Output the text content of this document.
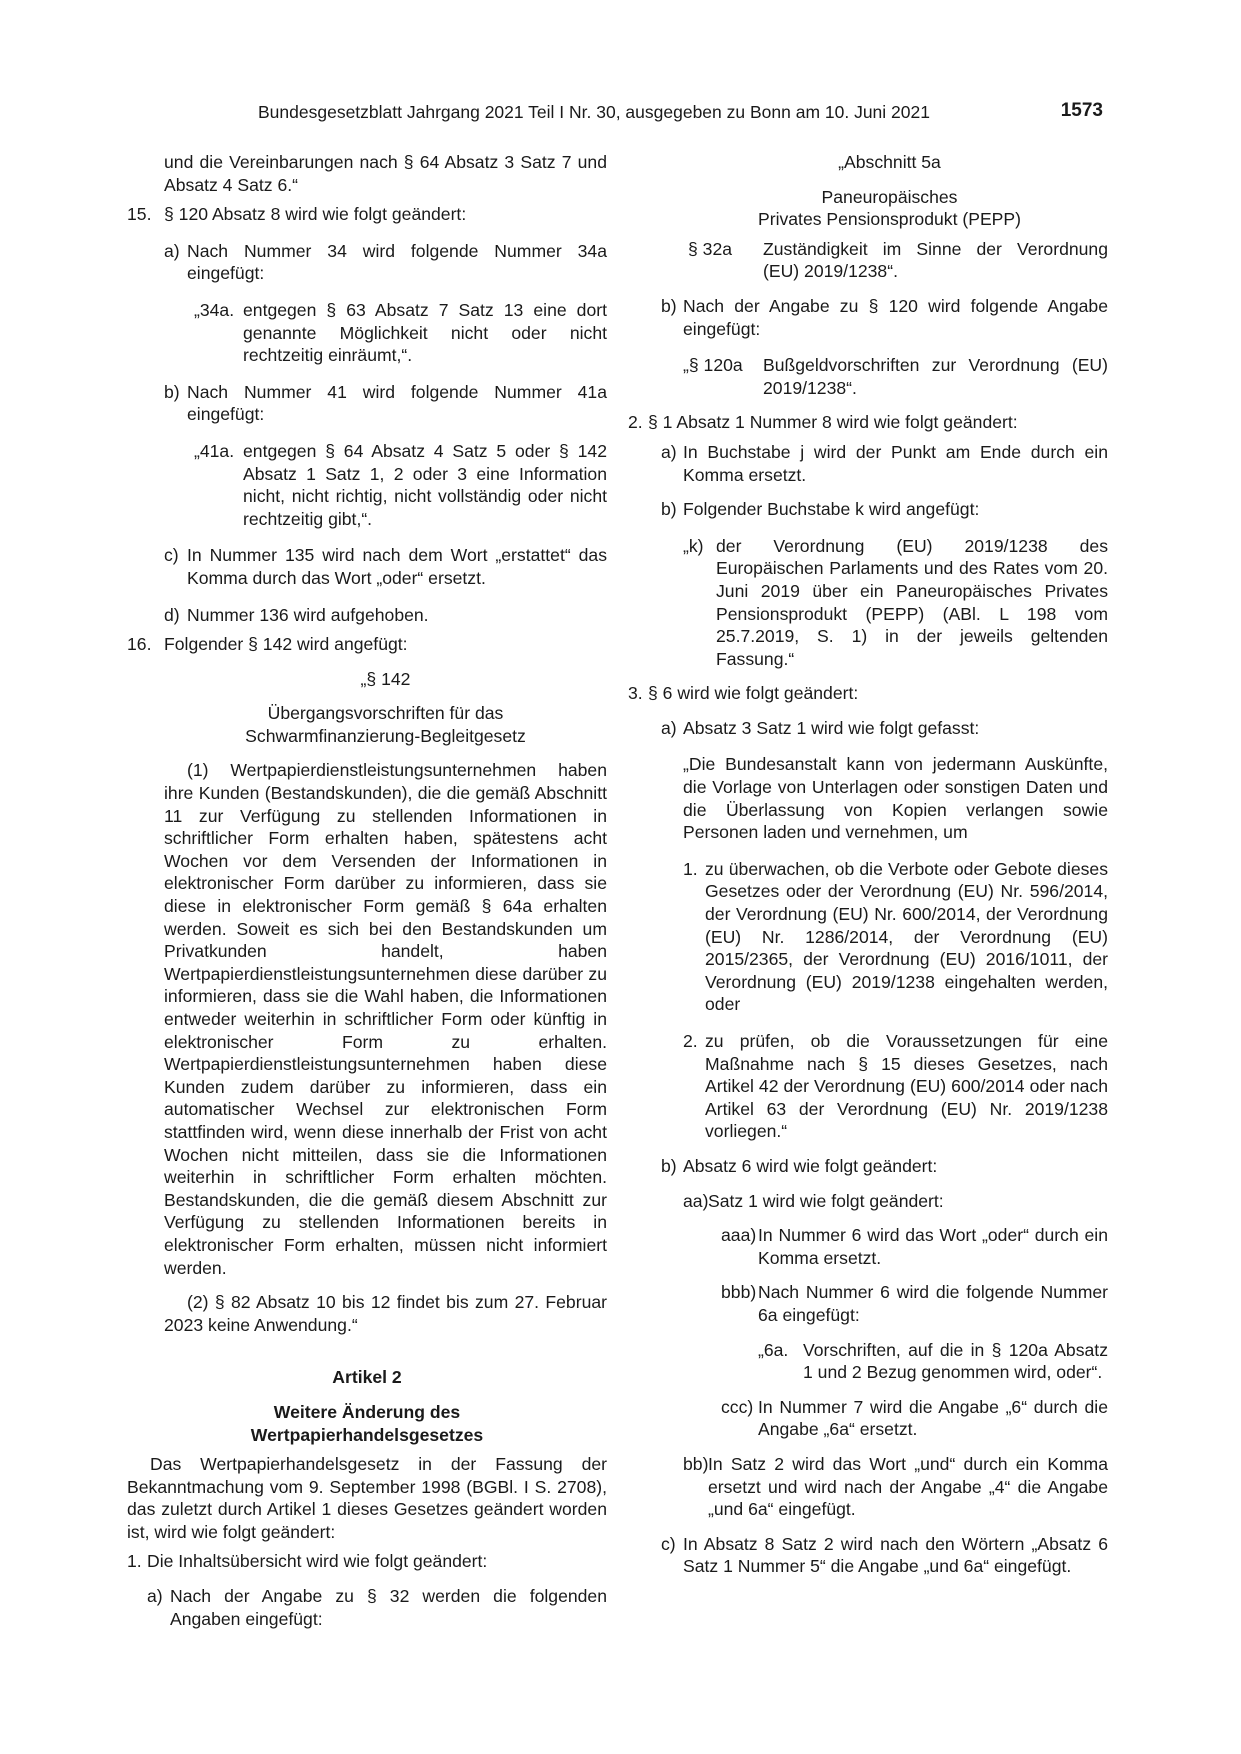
Bundesgesetzblatt Jahrgang 2021 Teil I Nr. 30, ausgegeben zu Bonn am 10. Juni 2021	1573
und die Vereinbarungen nach § 64 Absatz 3 Satz 7 und Absatz 4 Satz 6.“
15. § 120 Absatz 8 wird wie folgt geändert:
a) Nach Nummer 34 wird folgende Nummer 34a eingefügt:
„34a. entgegen § 63 Absatz 7 Satz 13 eine dort genannte Möglichkeit nicht oder nicht rechtzeitig einräumt,“.
b) Nach Nummer 41 wird folgende Nummer 41a eingefügt:
„41a. entgegen § 64 Absatz 4 Satz 5 oder § 142 Absatz 1 Satz 1, 2 oder 3 eine Information nicht, nicht richtig, nicht vollständig oder nicht rechtzeitig gibt,“.
c) In Nummer 135 wird nach dem Wort „erstattet“ das Komma durch das Wort „oder“ ersetzt.
d) Nummer 136 wird aufgehoben.
16. Folgender § 142 wird angefügt:
„§ 142
Übergangsvorschriften für das
Schwarmfinanzierung-Begleitgesetz
(1) Wertpapierdienstleistungsunternehmen haben ihre Kunden (Bestandskunden), die die gemäß Abschnitt 11 zur Verfügung zu stellenden Informationen in schriftlicher Form erhalten haben, spätestens acht Wochen vor dem Versenden der Informationen in elektronischer Form darüber zu informieren, dass sie diese in elektronischer Form gemäß § 64a erhalten werden. Soweit es sich bei den Bestandskunden um Privatkunden handelt, haben Wertpapierdienstleistungsunternehmen diese darüber zu informieren, dass sie die Wahl haben, die Informationen entweder weiterhin in schriftlicher Form oder künftig in elektronischer Form zu erhalten. Wertpapierdienstleistungsunternehmen haben diese Kunden zudem darüber zu informieren, dass ein automatischer Wechsel zur elektronischen Form stattfinden wird, wenn diese innerhalb der Frist von acht Wochen nicht mitteilen, dass sie die Informationen weiterhin in schriftlicher Form erhalten möchten. Bestandskunden, die die gemäß diesem Abschnitt zur Verfügung zu stellenden Informationen bereits in elektronischer Form erhalten, müssen nicht informiert werden.
(2) § 82 Absatz 10 bis 12 findet bis zum 27. Februar 2023 keine Anwendung.“
Artikel 2
Weitere Änderung des
Wertpapierhandelsgesetzes
Das Wertpapierhandelsgesetz in der Fassung der Bekanntmachung vom 9. September 1998 (BGBl. I S. 2708), das zuletzt durch Artikel 1 dieses Gesetzes geändert worden ist, wird wie folgt geändert:
1. Die Inhaltsübersicht wird wie folgt geändert:
a) Nach der Angabe zu § 32 werden die folgenden Angaben eingefügt:
„Abschnitt 5a
Paneuropäisches
Privates Pensionsprodukt (PEPP)
§ 32a Zuständigkeit im Sinne der Verordnung (EU) 2019/1238“.
b) Nach der Angabe zu § 120 wird folgende Angabe eingefügt:
„§ 120a Bußgeldvorschriften zur Verordnung (EU) 2019/1238“.
2. § 1 Absatz 1 Nummer 8 wird wie folgt geändert:
a) In Buchstabe j wird der Punkt am Ende durch ein Komma ersetzt.
b) Folgender Buchstabe k wird angefügt:
„k) der Verordnung (EU) 2019/1238 des Europäischen Parlaments und des Rates vom 20. Juni 2019 über ein Paneuropäisches Privates Pensionsprodukt (PEPP) (ABl. L 198 vom 25.7.2019, S. 1) in der jeweils geltenden Fassung.“
3. § 6 wird wie folgt geändert:
a) Absatz 3 Satz 1 wird wie folgt gefasst:
„Die Bundesanstalt kann von jedermann Auskünfte, die Vorlage von Unterlagen oder sonstigen Daten und die Überlassung von Kopien verlangen sowie Personen laden und vernehmen, um
1. zu überwachen, ob die Verbote oder Gebote dieses Gesetzes oder der Verordnung (EU) Nr. 596/2014, der Verordnung (EU) Nr. 600/2014, der Verordnung (EU) Nr. 1286/2014, der Verordnung (EU) 2015/2365, der Verordnung (EU) 2016/1011, der Verordnung (EU) 2019/1238 eingehalten werden, oder
2. zu prüfen, ob die Voraussetzungen für eine Maßnahme nach § 15 dieses Gesetzes, nach Artikel 42 der Verordnung (EU) 600/2014 oder nach Artikel 63 der Verordnung (EU) Nr. 2019/1238 vorliegen.“
b) Absatz 6 wird wie folgt geändert:
aa) Satz 1 wird wie folgt geändert:
aaa) In Nummer 6 wird das Wort „oder“ durch ein Komma ersetzt.
bbb) Nach Nummer 6 wird die folgende Nummer 6a eingefügt:
„6a. Vorschriften, auf die in § 120a Absatz 1 und 2 Bezug genommen wird, oder“.
ccc) In Nummer 7 wird die Angabe „6“ durch die Angabe „6a“ ersetzt.
bb) In Satz 2 wird das Wort „und“ durch ein Komma ersetzt und wird nach der Angabe „4“ die Angabe „und 6a“ eingefügt.
c) In Absatz 8 Satz 2 wird nach den Wörtern „Absatz 6 Satz 1 Nummer 5“ die Angabe „und 6a“ eingefügt.
